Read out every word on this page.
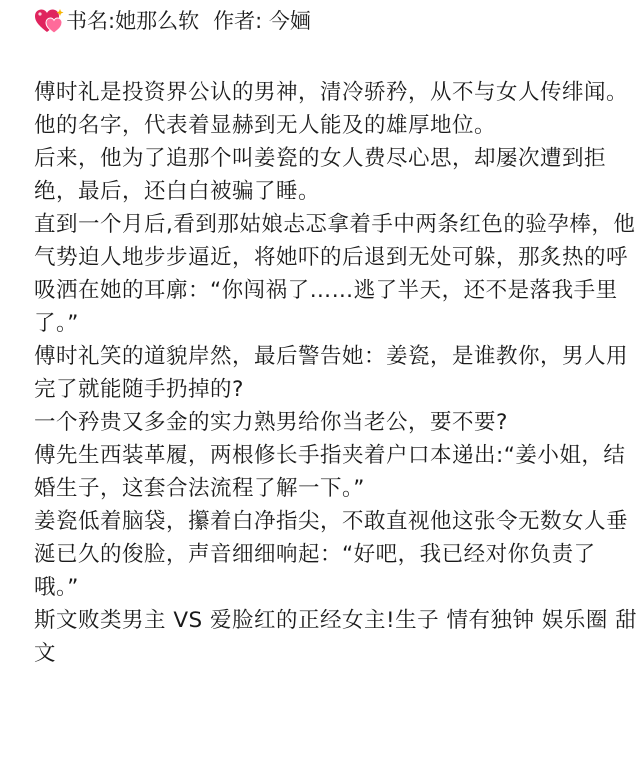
书名:她那么软 作者: 今婳

傅时礼是投资界公认的男神，清冷骄矜，从不与女人传绯闻。

他的名字，代表着显赫到无人能及的雄厚地位。

后来，他为了追那个叫姜瓷的女人费尽心思，却屡次遭到拒绝，最后，还白白被骗了睡。

直到一个月后,看到那姑娘忐忑拿着手中两条红色的验孕棒，他气势迫人地步步逼近，将她吓的后退到无处可躲，那炙热的呼吸洒在她的耳廓：“你闯祸了……逃了半天，还不是落我手里了。”

傅时礼笑的道貌岸然，最后警告她：姜瓷，是谁教你，男人用完了就能随手扔掉的?

一个矜贵又多金的实力熟男给你当老公，要不要?

傅先生西装革履，两根修长手指夹着户口本递出:“姜小姐，结婚生子，这套合法流程了解一下。”

姜瓷低着脑袋，攥着白净指尖，不敢直视他这张令无数女人垂涎已久的俊脸，声音细细响起：“好吧，我已经对你负责了哦。”

斯文败类男主 VS 爱脸红的正经女主!生子 情有独钟 娱乐圈 甜文
